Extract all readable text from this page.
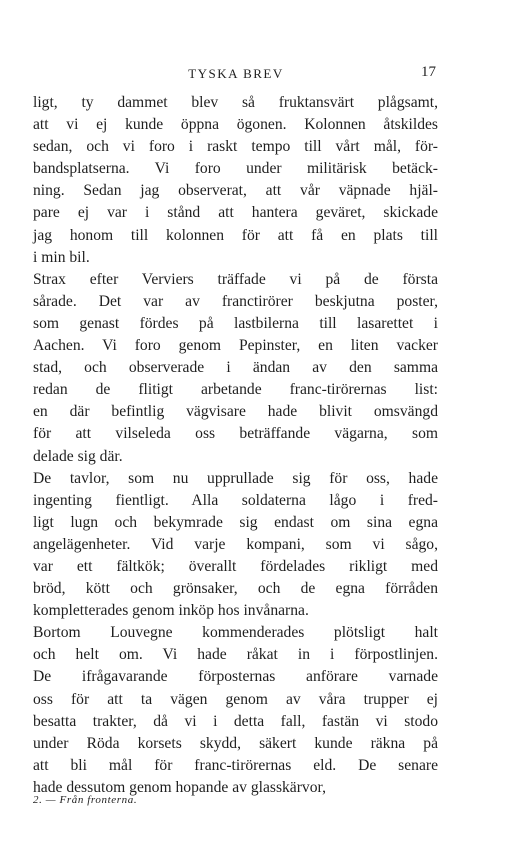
TYSKA BREV	17
ligt, ty dammet blev så fruktansvärt plågsamt,
att vi ej kunde öppna ögonen. Kolonnen åtskildes
sedan, och vi foro i raskt tempo till vårt mål, för-
bandsplatserna. Vi foro under militärisk betäck-
ning. Sedan jag observerat, att vår väpnade hjäl-
pare ej var i stånd att hantera geväret, skickade
jag honom till kolonnen för att få en plats till
i min bil.
Strax efter Verviers träffade vi på de första
sårade. Det var av franctirörer beskjutna poster,
som genast fördes på lastbilerna till lasarettet i
Aachen. Vi foro genom Pepinster, en liten vacker
stad, och observerade i ändan av den samma
redan de flitigt arbetande franc-tirörernas list:
en där befintlig vägvisare hade blivit omsvängd
för att vilseleda oss beträffande vägarna, som
delade sig där.
De tavlor, som nu upprullade sig för oss, hade
ingenting fientligt. Alla soldaterna lågo i fred-
ligt lugn och bekymrade sig endast om sina egna
angelägenheter. Vid varje kompani, som vi sågo,
var ett fältkök; överallt fördelades rikligt med
bröd, kött och grönsaker, och de egna förråden
kompletterades genom inköp hos invånarna.
Bortom Louvegne kommenderades plötsligt halt
och helt om. Vi hade råkat in i förpostlinjen.
De ifrågavarande förposternas anförare varnade
oss för att ta vägen genom av våra trupper ej
besatta trakter, då vi i detta fall, fastän vi stodo
under Röda korsets skydd, säkert kunde räkna på
att bli mål för franc-tirörernas eld. De senare
hade dessutom genom hopande av glasskärvor,
2. — Från fronterna.
